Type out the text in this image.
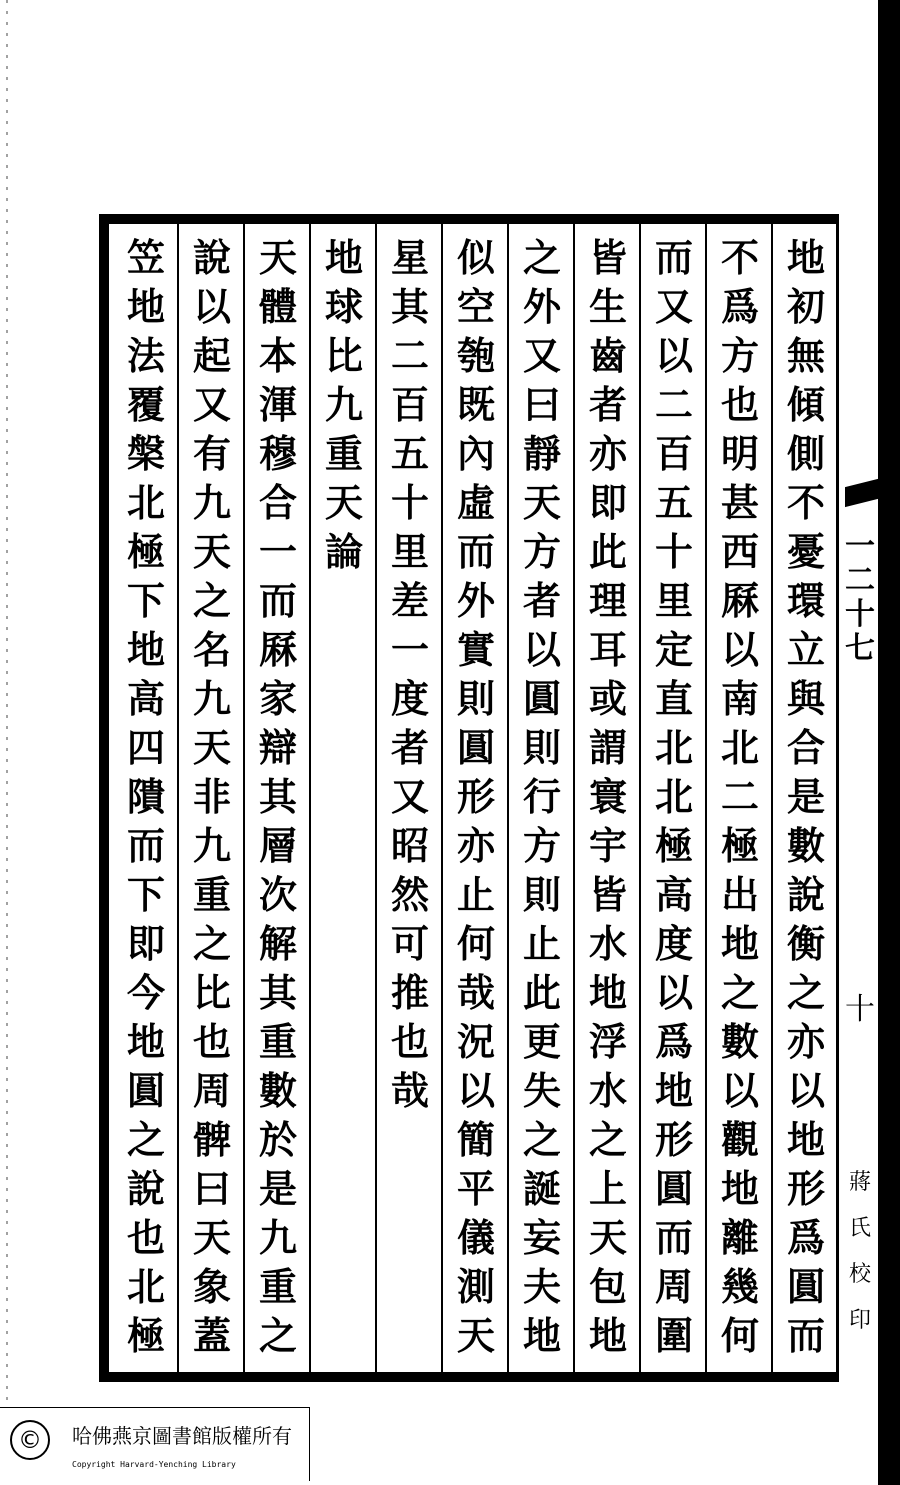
地
初
無
傾
側
不
憂
環
立
與
合
是
數
說
衡
之
亦
以
地
形
爲
圓
而
不
爲
方
也
明
甚
西
厤
以
南
北
二
極
出
地
之
數
以
觀
地
離
幾
何
而
又
以
二
百
五
十
里
定
直
北
北
極
高
度
以
爲
地
形
圓
而
周
圍
皆
生
齒
者
亦
即
此
理
耳
或
謂
寰
宇
皆
水
地
浮
水
之
上
天
包
地
之
外
又
曰
靜
天
方
者
以
圓
則
行
方
則
止
此
更
失
之
誕
妄
夫
地
似
空
匏
既
內
虛
而
外
實
則
圓
形
亦
止
何
哉
況
以
簡
平
儀
測
天
星
其
二
百
五
十
里
差
一
度
者
又
昭
然
可
推
也
哉
地
球
比
九
重
天
論
天
體
本
渾
穆
合
一
而
厤
家
辯
其
層
次
解
其
重
數
於
是
九
重
之
說
以
起
又
有
九
天
之
名
九
天
非
九
重
之
比
也
周
髀
曰
天
象
蓋
笠
地
法
覆
槃
北
極
下
地
高
四
隤
而
下
即
今
地
圓
之
說
也
北
極
一二十七
十
蔣氏校印
©	哈佛燕京圖書館版權所有
Copyright Harvard-Yenching Library
